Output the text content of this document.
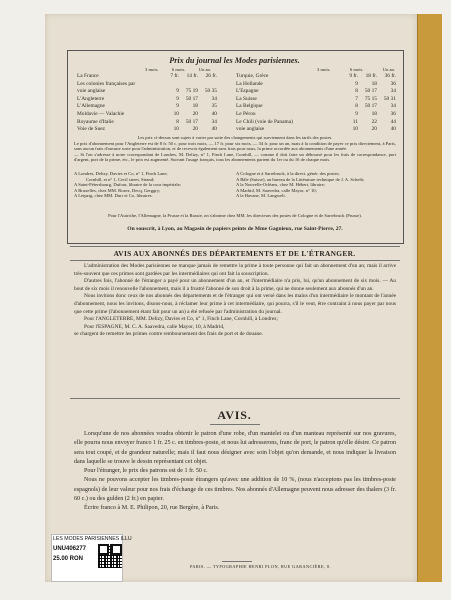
Prix du journal les Modes parisiennes.
3 mois.	6 mois.	Un an.	3 mois.	6 mois.	Un an.
La France	7 fr.	14 fr.	26 fr.
Les colonies françaises par
voie anglaise	9	75 19	50 35
L'Angleterre	9	50 17	34
L'Allemagne	9	18	35
Moldavie — Valachie	10	20	40
Royaume d'Italie	8	50 17	34
Voie de Suez	10	20	40
Turquie, Grèce	9 fr.	18 fr.	36 fr.
La Hollande	9	18	36
L'Espagne	8	50 17	34
La Suisse	7	75 15	50 31
La Belgique	8	50 17	34
Le Pérou	9	18	36
Le Chili (voie de Panama)	11	22	44
voie anglaise	10	20	40
Les prix ci-dessus sont sujets à varier par suite des changements qui surviennent dans les tarifs des postes.
Le prix d'abonnement pour l'Angleterre est de 8 fr. 50 c. pour trois mois, — 17 fr. pour six mois, — 34 fr. pour un an, mais à la condition de payer ce prix directement, à Paris, sans aucun frais d'aucune sorte pour l'administration, et de recevoir également sans frais pour nous, la prime accordée aux abonnements d'une année.
— Si l'on s'adresse à notre correspondant de Londres, M. Delizy, n° 1, Finch Lane, Cornhill, — comme il doit faire un déboursé pour les frais de correspondance, port d'argent, port de la prime, etc., le prix est augmenté. Suivant l'usage français, tous les abonnements partent du 1er ou du 16 de chaque mois.
A Londres, Delizy, Davies et Co, n° 1, Finch Lane,
Cornhill, et n° 1, Cecil street, Strand;
A Saint-Pétersbourg, Dufour, libraire de la cour impériale;
A Bruxelles, chez MM. Rozez, Decq, Gerggry;
A Leipzig, chez MM. Durr et Co, libraires.
A Cologne et à Sarrebruck, à la direct. génér. des postes;
A Bâle (Suisse), au bureau de la Littérature technique de J. A. Scheib;
A la Nouvelle-Orléans, chez M. Hébert, libraire;
A Madrid, M. Saavedra, calle Mayor, n° 10;
A la Havane, M. Langwelt.
Pour l'Autriche, l'Allemagne, la Prusse et la Russie, on s'abonne chez MM. les directeurs des postes de Cologne et de Sarrebruck (Prusse).
On souscrit, à Lyon, au Magasin de papiers peints de Mme Gagnieux, rue Saint-Pierre, 27.
AVIS AUX ABONNÉS DES DÉPARTEMENTS ET DE L'ÉTRANGER.
L'administration des Modes parisiennes ne manque jamais de remettre la prime à toute personne qui fait un abonnement d'un an; mais il arrive très-souvent que ces primes sont gardées par les intermédiaires qui ont fait la souscription.
D'autres fois, l'abonné de l'étranger a payé pour un abonnement d'un an, et l'intermédiaire n'a pris, lui, qu'un abonnement de six mois. — Au bout de six mois il renouvelle l'abonnement, mais il a frustré l'abonné de son droit à la prime, qui ne donne seulement aux abonnés d'un an.
Nous invitons donc ceux de nos abonnés des départements et de l'étranger qui ont versé dans les mains d'un intermédiaire le montant de l'année d'abonnement, nous les invitons, disons-nous, à réclamer leur prime à cet intermédiaire, qui pourra, s'il le veut, être contraint à nous payer par nous que cette prime (l'abonnement étant fait pour un an) a été refusée par l'administration du journal.
Pour l'ANGLETERRE, MM. Delizy, Davies et Co, n° 1, Finch Lane, Cornhill, à Londres;
Pour l'ESPAGNE, M. C. A. Saavedra, calle Mayor, 10, à Madrid,
se chargent de remettre les primes contre remboursement des frais de port et de douane.
AVIS.
Lorsqu'une de nos abonnées voudra obtenir le patron d'une robe, d'un mantelet ou d'un manteau représenté sur nos gravures, elle pourra nous envoyer franco 1 fr. 25 c. en timbres-poste, et nous lui adresserons, franc de port, le patron qu'elle désire. Ce patron sera tout coupé, et de grandeur naturelle; mais il faut nous désigner avec soin l'objet qu'on demande, et nous indiquer la livraison dans laquelle se trouve le dessin représentant cet objet.
Pour l'étranger, le prix des patrons est de 1 fr. 50 c.
Nous ne pouvons accepter les timbres-poste étrangers qu'avec une addition de 10 %, (nous n'acceptons pas les timbres-poste espagnols) de leur valeur pour nos frais d'échange de ces timbres. Nos abonnés d'Allemagne peuvent nous adresser des thalers (3 fr. 60 c.) ou des gulden (2 fr.) en papier.
Écrire franco à M. E. Philipon, 20, rue Bergère, à Paris.
PARIS. — TYPOGRAPHIE HENRI PLON, RUE GARANCIÈRE, 8.
LES MODES PARISIENNES ILLU
UNU406277
25.00 RON
